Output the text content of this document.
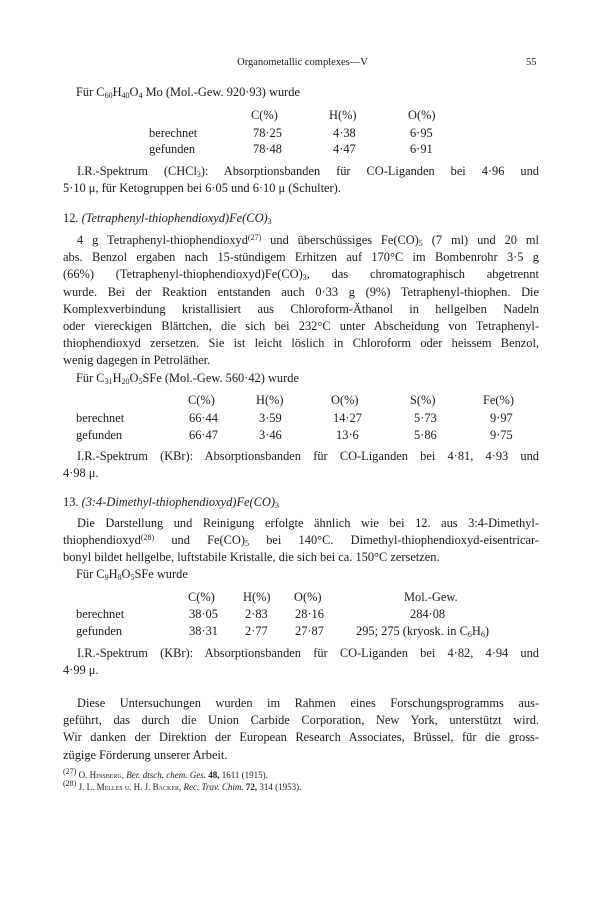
Organometallic complexes—V	55
Für $C_{60}H_{40}O_4$ Mo (Mol.-Gew. 920·93) wurde
C(%)	H(%)	O(%)
berechnet	78·25	4·38	6·95
gefunden	78·48	4·47	6·91

I.R.-Spektrum (CHCl$_3$): Absorptionsbanden für CO-Liganden bei 4·96 und

5·10 μ, für Ketogruppen bei 6·05 und 6·10 μ (Schulter).

12. $(Tetraphenyl-thiophendioxyd)Fe(CO)_3$

4 g Tetraphenyl-thiophendioxyd$^{(27)}$ und überschüssiges $Fe(CO)_5$ (7 ml) und 20 ml

abs. Benzol ergaben nach 15-stündigem Erhitzen auf 170°C im Bombenrohr 3·5 g

(66%) $(Tetraphenyl-thiophendioxyd)Fe(CO)_3$, das chromatographisch abgetrennt

wurde. Bei der Reaktion entstanden auch 0·33 g (9%) Tetraphenyl-thiophen. Die

Komplexverbindung kristallisiert aus Chloroform-Äthanol in hellgelben Nadeln

oder viereckigen Blättchen, die sich bei 232°C unter Abscheidung von Tetraphenyl-

thiophendioxyd zersetzen. Sie ist leicht löslich in Chloroform oder heissem Benzol,

wenig dagegen in Petroläther.

Für $C_{31}H_{20}O_5SFe$ (Mol.-Gew. 560·42) wurde
C(%)	H(%)	O(%)	S(%)	Fe(%)
berechnet	66·44	3·59	14·27	5·73	9·97
gefunden	66·47	3·46	13·6	5·86	9·75

I.R.-Spektrum (KBr): Absorptionsbanden für CO-Liganden bei 4·81, 4·93 und

4·98 μ.

13. $(3:4-Dimethyl-thiophendioxyd)Fe(CO)_3$

Die Darstellung und Reinigung erfolgte ähnlich wie bei 12. aus 3:4-Dimethyl-

thiophendioxyd$^{(28)}$ und $Fe(CO)_5$ bei 140°C. Dimethyl-thiophendioxyd-eisentricar-

bonyl bildet hellgelbe, luftstabile Kristalle, die sich bei ca. 150°C zersetzen.

Für $C_9H_8O_5SFe$ wurde
C(%) H(%) O(%)	Mol.-Gew.
berechnet	38·05 2·83 28·16	284·08
gefunden	38·31 2·77 27·87	295; 275 (kryosk. in $C_6H_6$)

I.R.-Spektrum (KBr): Absorptionsbanden für CO-Liganden bei 4·82, 4·94 und

4·99 μ.

Diese Untersuchungen wurden im Rahmen eines Forschungsprogramms aus-

geführt, das durch die Union Carbide Corporation, New York, unterstützt wird.

Wir danken der Direktion der European Research Associates, Brüssel, für die gross-

zügige Förderung unserer Arbeit.

$^{(27)}$ O. Hinsberg, Ber. dtsch. chem. Ges. 48, 1611 (1915).
$^{(28)}$ J. L. Melles u. H. J. Backer, Rec. Trav. Chim. 72, 314 (1953).
